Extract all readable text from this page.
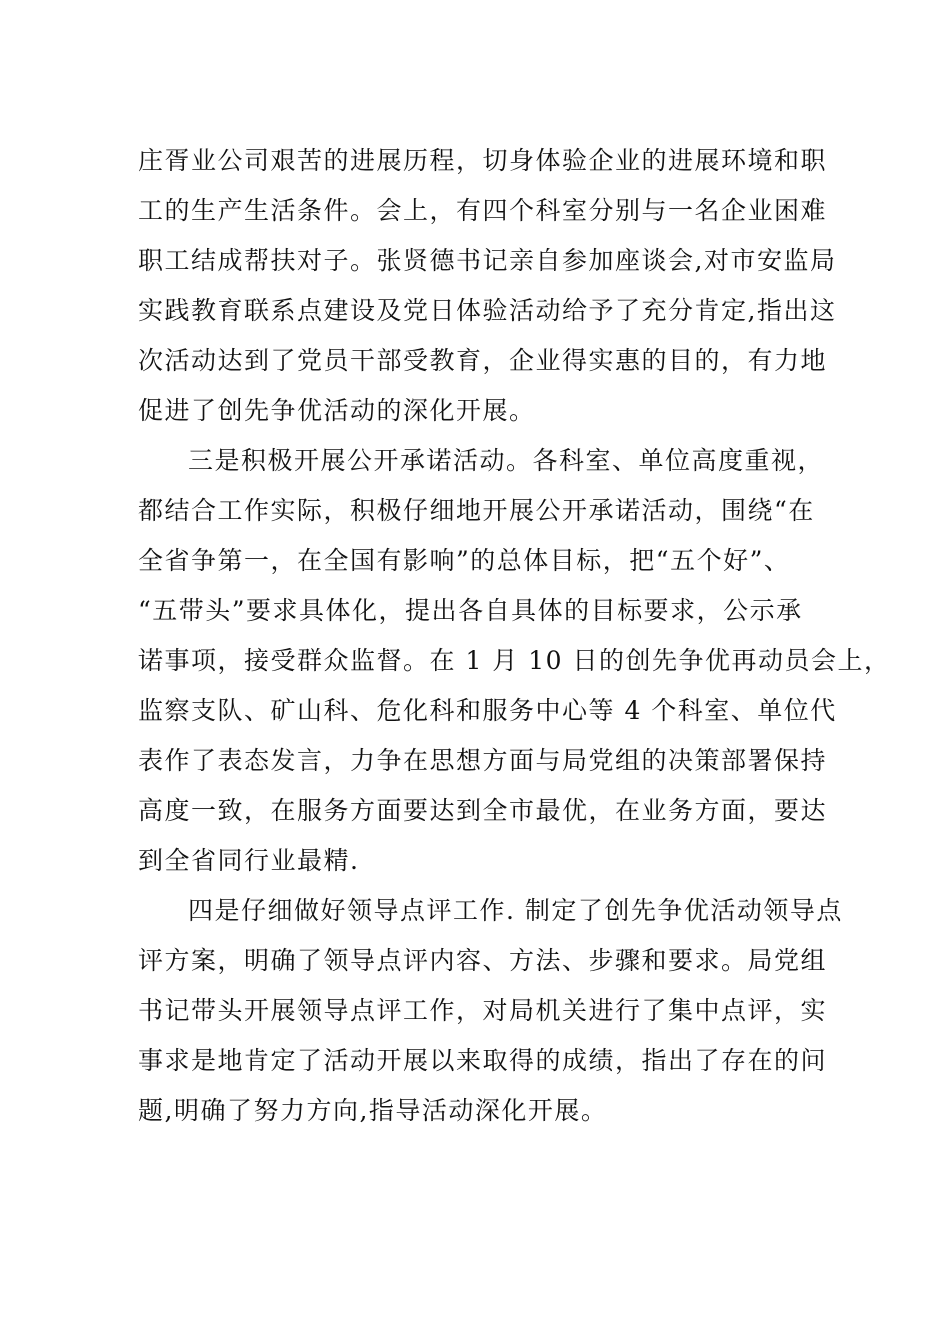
庄胥业公司艰苦的进展历程，切身体验企业的进展环境和职
工的生产生活条件。会上，有四个科室分别与一名企业困难
职工结成帮扶对子。张贤德书记亲自参加座谈会,对市安监局
实践教育联系点建设及党日体验活动给予了充分肯定,指出这
次活动达到了党员干部受教育，企业得实惠的目的，有力地
促进了创先争优活动的深化开展。
三是积极开展公开承诺活动。各科室、单位高度重视，
都结合工作实际，积极仔细地开展公开承诺活动，围绕“在
全省争第一，在全国有影响”的总体目标，把“五个好”、
“五带头”要求具体化，提出各自具体的目标要求，公示承
诺事项，接受群众监督。在 1 月 10 日的创先争优再动员会上，
监察支队、矿山科、危化科和服务中心等 4 个科室、单位代
表作了表态发言，力争在思想方面与局党组的决策部署保持
高度一致，在服务方面要达到全市最优，在业务方面，要达
到全省同行业最精.
四是仔细做好领导点评工作. 制定了创先争优活动领导点
评方案，明确了领导点评内容、方法、步骤和要求。局党组
书记带头开展领导点评工作，对局机关进行了集中点评，实
事求是地肯定了活动开展以来取得的成绩，指出了存在的问
题,明确了努力方向,指导活动深化开展。
